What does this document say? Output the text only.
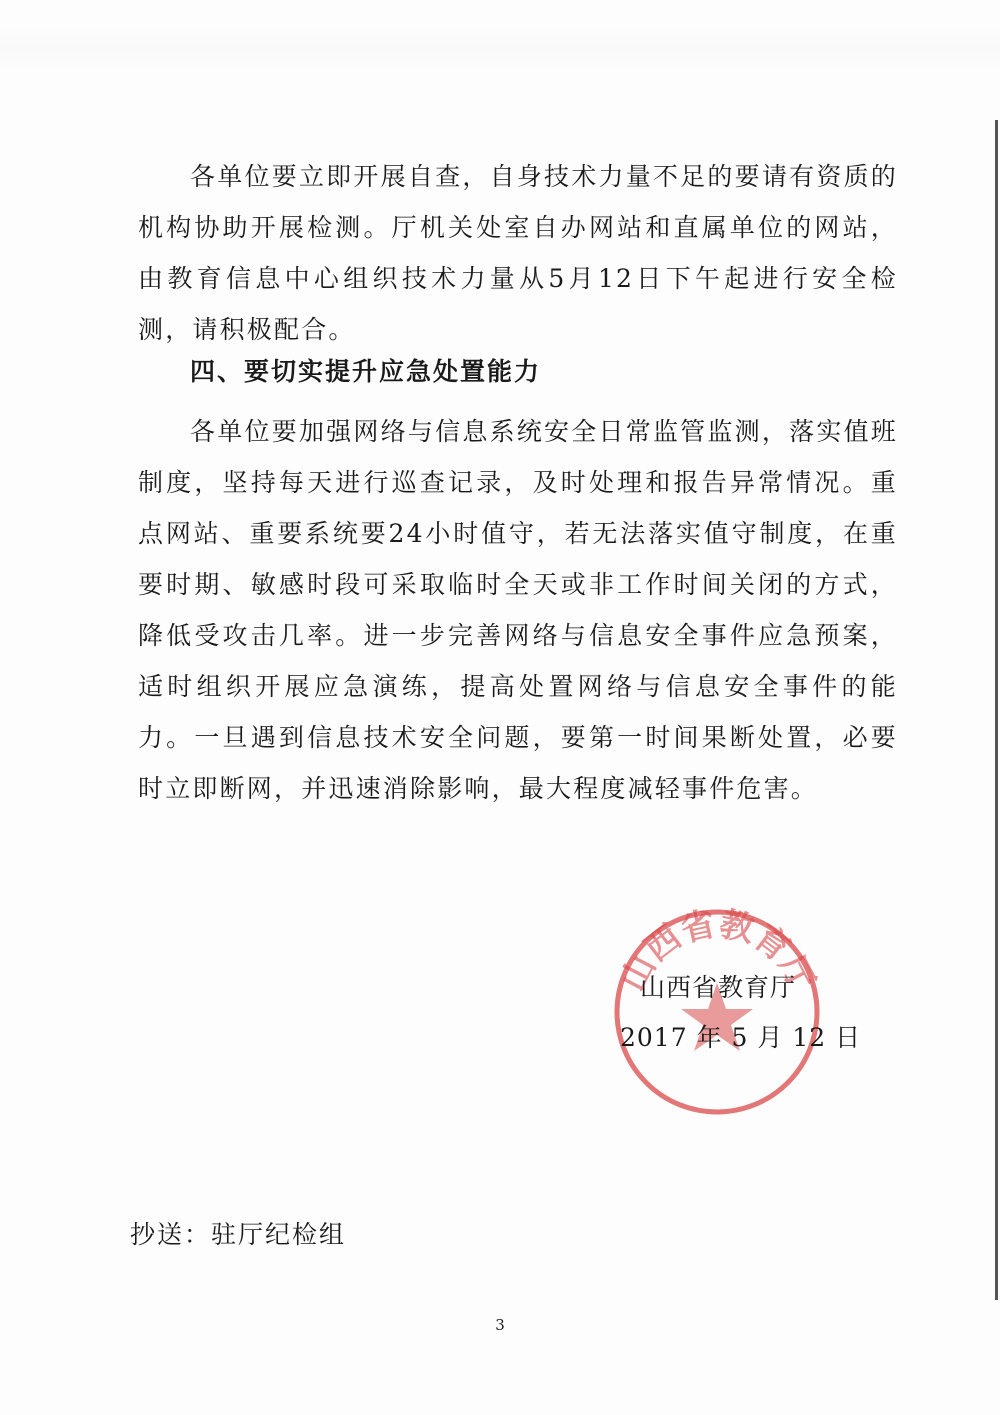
各单位要立即开展自查，自身技术力量不足的要请有资质的机构协助开展检测。厅机关处室自办网站和直属单位的网站，由教育信息中心组织技术力量从5月12日下午起进行安全检测，请积极配合。

四、要切实提升应急处置能力

各单位要加强网络与信息系统安全日常监管监测，落实值班制度，坚持每天进行巡查记录，及时处理和报告异常情况。重点网站、重要系统要24小时值守，若无法落实值守制度，在重要时期、敏感时段可采取临时全天或非工作时间关闭的方式，降低受攻击几率。进一步完善网络与信息安全事件应急预案，适时组织开展应急演练，提高处置网络与信息安全事件的能力。一旦遇到信息技术安全问题，要第一时间果断处置，必要时立即断网，并迅速消除影响，最大程度减轻事件危害。

山西省教育厅

山西省教育厅

2017 年 5 月 12 日

抄送：驻厅纪检组

3
